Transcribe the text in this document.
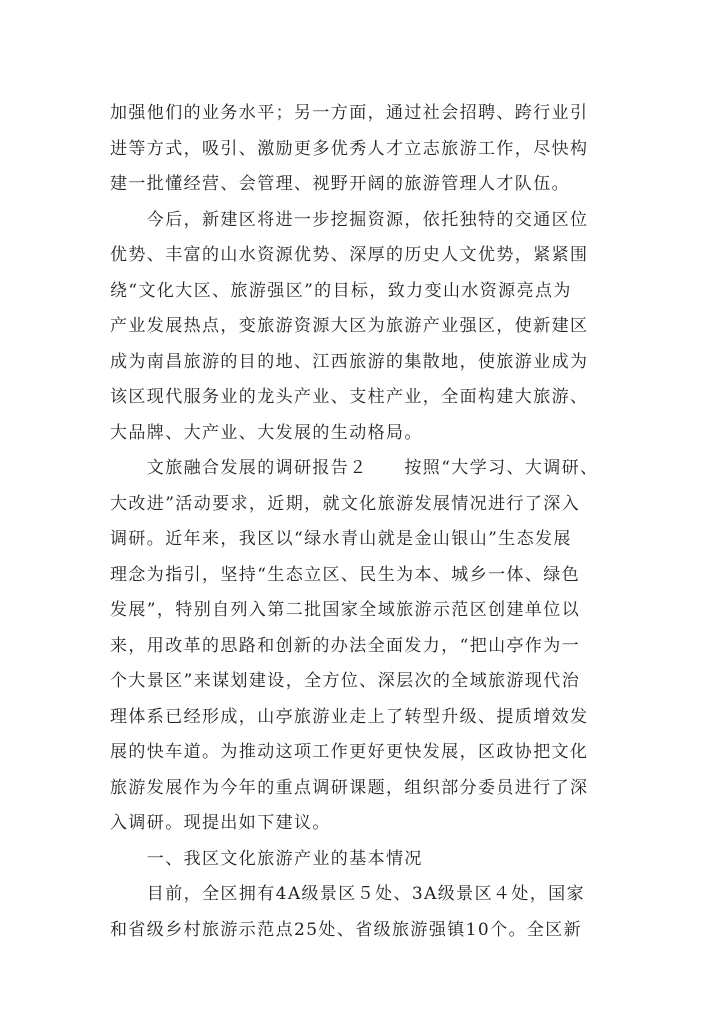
加强他们的业务水平；另一方面，通过社会招聘、跨行业引
进等方式，吸引、激励更多优秀人才立志旅游工作，尽快构
建一批懂经营、会管理、视野开阔的旅游管理人才队伍。
　　今后，新建区将进一步挖掘资源，依托独特的交通区位
优势、丰富的山水资源优势、深厚的历史人文优势，紧紧围
绕“文化大区、旅游强区”的目标，致力变山水资源亮点为
产业发展热点，变旅游资源大区为旅游产业强区，使新建区
成为南昌旅游的目的地、江西旅游的集散地，使旅游业成为
该区现代服务业的龙头产业、支柱产业，全面构建大旅游、
大品牌、大产业、大发展的生动格局。
　　文旅融合发展的调研报告２　　按照“大学习、大调研、
大改进”活动要求，近期，就文化旅游发展情况进行了深入
调研。近年来，我区以“绿水青山就是金山银山”生态发展
理念为指引，坚持“生态立区、民生为本、城乡一体、绿色
发展”，特别自列入第二批国家全域旅游示范区创建单位以
来，用改革的思路和创新的办法全面发力，“把山亭作为一
个大景区”来谋划建设，全方位、深层次的全域旅游现代治
理体系已经形成，山亭旅游业走上了转型升级、提质增效发
展的快车道。为推动这项工作更好更快发展，区政协把文化
旅游发展作为今年的重点调研课题，组织部分委员进行了深
入调研。现提出如下建议。
　　一、我区文化旅游产业的基本情况
　　目前，全区拥有4A级景区５处、3A级景区４处，国家
和省级乡村旅游示范点25处、省级旅游强镇10个。全区新
